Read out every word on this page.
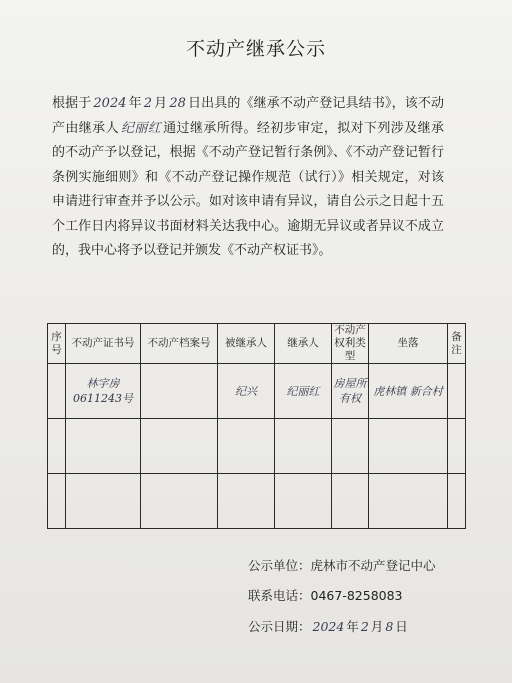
不动产继承公示
根据于 2024 年 2 月 28 日出具的《继承不动产登记具结书》，该不动产由继承人 纪丽红 通过继承所得。经初步审定，拟对下列涉及继承的不动产予以登记，根据《不动产登记暂行条例》、《不动产登记暂行条例实施细则》和《不动产登记操作规范（试行）》相关规定，对该申请进行审查并予以公示。如对该申请有异议，请自公示之日起十五个工作日内将异议书面材料关达我中心。逾期无异议或者异议不成立的，我中心将予以登记并颁发《不动产权证书》。
序号	不动产证书号	不动产档案号	被继承人	继承人	不动产权利类型	坐落	备注
	林字房 0611243号		纪兴	纪丽红	房屋所有权	虎林镇 新合村	

公示单位：虎林市不动产登记中心
联系电话：0467-8258083
公示日期： 2024 年 2 月 8 日
